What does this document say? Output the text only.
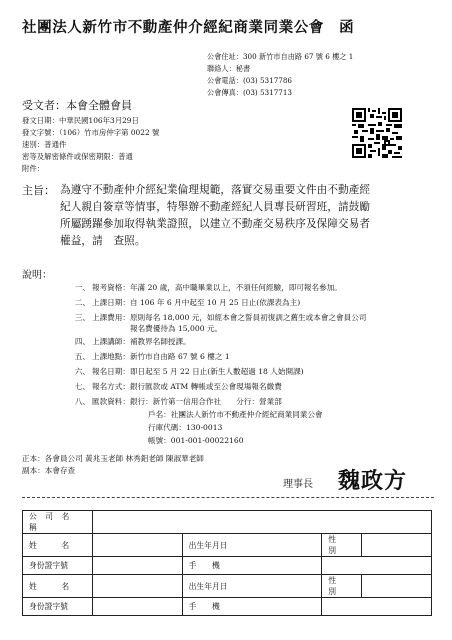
社團法人新竹市不動產仲介經紀商業同業公會　函
公會住址：300 新竹市自由路 67 號 6 樓之 1
聯絡人：秘書
公會電話：(03) 5317786
公會傳真：(03) 5317713
受文者：本會全體會員
發文日期：中華民國106年3月29日
發文字號：（106）竹市房仲字第 0022 號
速別：普通件
密等及解密條件或保密期限：普通
附件：
主旨： 為遵守不動產仲介經紀業倫理規範，落實交易重要文件由不動產經
紀人親自簽章等情事，特舉辦不動產經紀人員專長研習班，請鼓勵
所屬踴躍參加取得執業證照，以建立不動產交易秩序及保障交易者
權益，請　查照。
說明：
一、 報考資格：年滿 20 歲，高中職畢業以上，不須任何經驗，即可報名參加。
二、 上課日期：自 106 年 6 月中起至 10 月 25 日止(依課表為主)
三、 上課費用：原則每名 18,000 元，如經本會之誓員初復訓之舊生或本會之會員公司
報名費優待為 15,000 元。
四、 上課講師：補教界名師授課。
五、 上課地點：新竹市自由路 67 號 6 樓之 1
六、 報名日期：即日起至 5 月 22 日止(新生人數超過 18 人始開課)
七、 報名方式：銀行匯款或 ATM 轉帳或至公會現場報名繳費
八、 匯款資料：銀行：新竹第一信用合作社　　分行：營業部
戶名：社團法人新竹市不動產仲介經紀商業同業公會
行庫代碼：130-0013
帳號：001-001-00022160
正本：各會員公司 黃兆玉老師 林秀鋁老師 陳淑華老師
副本：本會存查
理事長 魏政方
公 司 名 稱				
姓　　名		出生年月日	性　　別	
身份證字號		手　　機		
姓　　名		出生年月日	性　　別	
身份證字號		手　　機		
